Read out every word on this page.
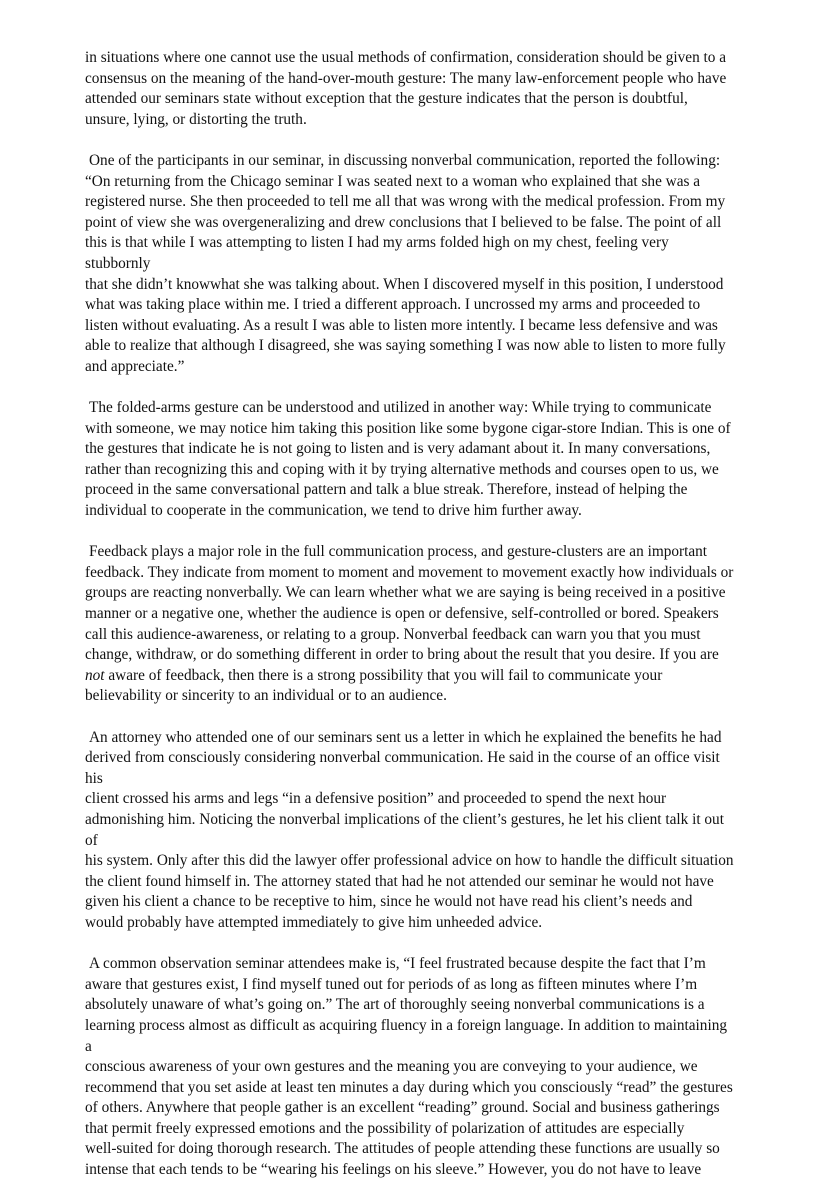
in situations where one cannot use the usual methods of confirmation, consideration should be given to a
consensus on the meaning of the hand-over-mouth gesture: The many law-enforcement people who have
attended our seminars state without exception that the gesture indicates that the person is doubtful,
unsure, lying, or distorting the truth.

One of the participants in our seminar, in discussing nonverbal communication, reported the following:
“On returning from the Chicago seminar I was seated next to a woman who explained that she was a
registered nurse. She then proceeded to tell me all that was wrong with the medical profession. From my
point of view she was overgeneralizing and drew conclusions that I believed to be false. The point of all
this is that while I was attempting to listen I had my arms folded high on my chest, feeling very stubbornly
that she didn’t knowwhat she was talking about. When I discovered myself in this position, I understood
what was taking place within me. I tried a different approach. I uncrossed my arms and proceeded to
listen without evaluating. As a result I was able to listen more intently. I became less defensive and was
able to realize that although I disagreed, she was saying something I was now able to listen to more fully
and appreciate.”

The folded-arms gesture can be understood and utilized in another way: While trying to communicate
with someone, we may notice him taking this position like some bygone cigar-store Indian. This is one of
the gestures that indicate he is not going to listen and is very adamant about it. In many conversations,
rather than recognizing this and coping with it by trying alternative methods and courses open to us, we
proceed in the same conversational pattern and talk a blue streak. Therefore, instead of helping the
individual to cooperate in the communication, we tend to drive him further away.

Feedback plays a major role in the full communication process, and gesture-clusters are an important
feedback. They indicate from moment to moment and movement to movement exactly how individuals or
groups are reacting nonverbally. We can learn whether what we are saying is being received in a positive
manner or a negative one, whether the audience is open or defensive, self-controlled or bored. Speakers
call this audience-awareness, or relating to a group. Nonverbal feedback can warn you that you must
change, withdraw, or do something different in order to bring about the result that you desire. If you are
not aware of feedback, then there is a strong possibility that you will fail to communicate your
believability or sincerity to an individual or to an audience.

An attorney who attended one of our seminars sent us a letter in which he explained the benefits he had
derived from consciously considering nonverbal communication. He said in the course of an office visit his
client crossed his arms and legs “in a defensive position” and proceeded to spend the next hour
admonishing him. Noticing the nonverbal implications of the client’s gestures, he let his client talk it out of
his system. Only after this did the lawyer offer professional advice on how to handle the difficult situation
the client found himself in. The attorney stated that had he not attended our seminar he would not have
given his client a chance to be receptive to him, since he would not have read his client’s needs and
would probably have attempted immediately to give him unheeded advice.

A common observation seminar attendees make is, “I feel frustrated because despite the fact that I’m
aware that gestures exist, I find myself tuned out for periods of as long as fifteen minutes where I’m
absolutely unaware of what’s going on.” The art of thoroughly seeing nonverbal communications is a
learning process almost as difficult as acquiring fluency in a foreign language. In addition to maintaining a
conscious awareness of your own gestures and the meaning you are conveying to your audience, we
recommend that you set aside at least ten minutes a day during which you consciously “read” the gestures
of others. Anywhere that people gather is an excellent “reading” ground. Social and business gatherings
that permit freely expressed emotions and the possibility of polarization of attitudes are especially
well-suited for doing thorough research. The attitudes of people attending these functions are usually so
intense that each tends to be “wearing his feelings on his sleeve.” However, you do not have to leave
